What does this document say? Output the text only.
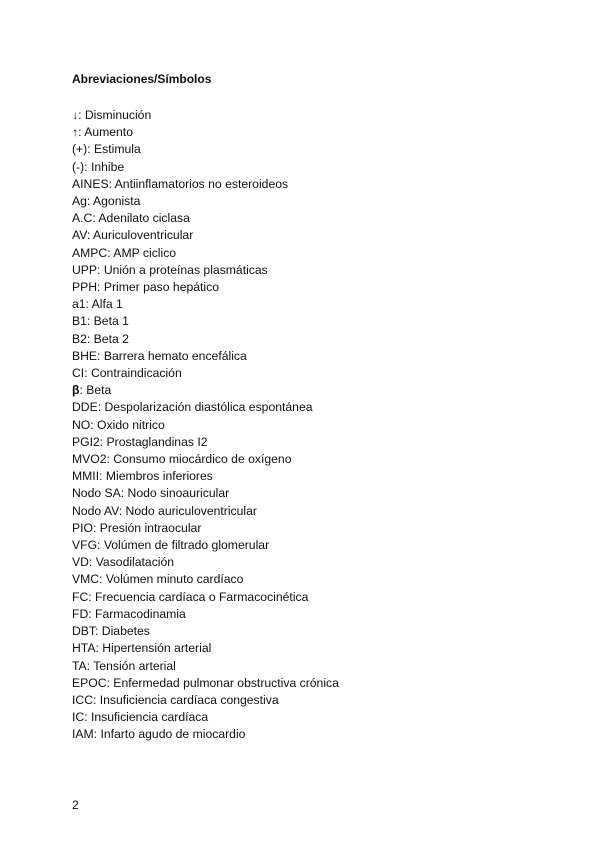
Abreviaciones/Símbolos
↓: Disminución
↑: Aumento
(+): Estimula
(-): Inhibe
AINES: Antiinflamatorios no esteroideos
Ag: Agonista
A.C: Adenilato ciclasa
AV: Auriculoventricular
AMPC: AMP ciclico
UPP: Unión a proteínas plasmáticas
PPH: Primer paso hepático
a1: Alfa 1
B1: Beta 1
B2: Beta 2
BHE: Barrera hemato encefálica
CI: Contraindicación
β: Beta
DDE: Despolarización diastólica espontánea
NO: Oxido nitrico
PGI2: Prostaglandinas I2
MVO2: Consumo miocárdico de oxígeno
MMII: Miembros inferiores
Nodo SA: Nodo sinoauricular
Nodo AV: Nodo auriculoventricular
PIO: Presión intraocular
VFG: Volúmen de filtrado glomerular
VD: Vasodilatación
VMC: Volúmen minuto cardíaco
FC: Frecuencia cardíaca o Farmacocinética
FD: Farmacodinamia
DBT: Diabetes
HTA: Hipertensión arterial
TA: Tensión arterial
EPOC: Enfermedad pulmonar obstructiva crónica
ICC: Insuficiencia cardíaca congestiva
IC: Insuficiencia cardíaca
IAM: Infarto agudo de miocardio
2
